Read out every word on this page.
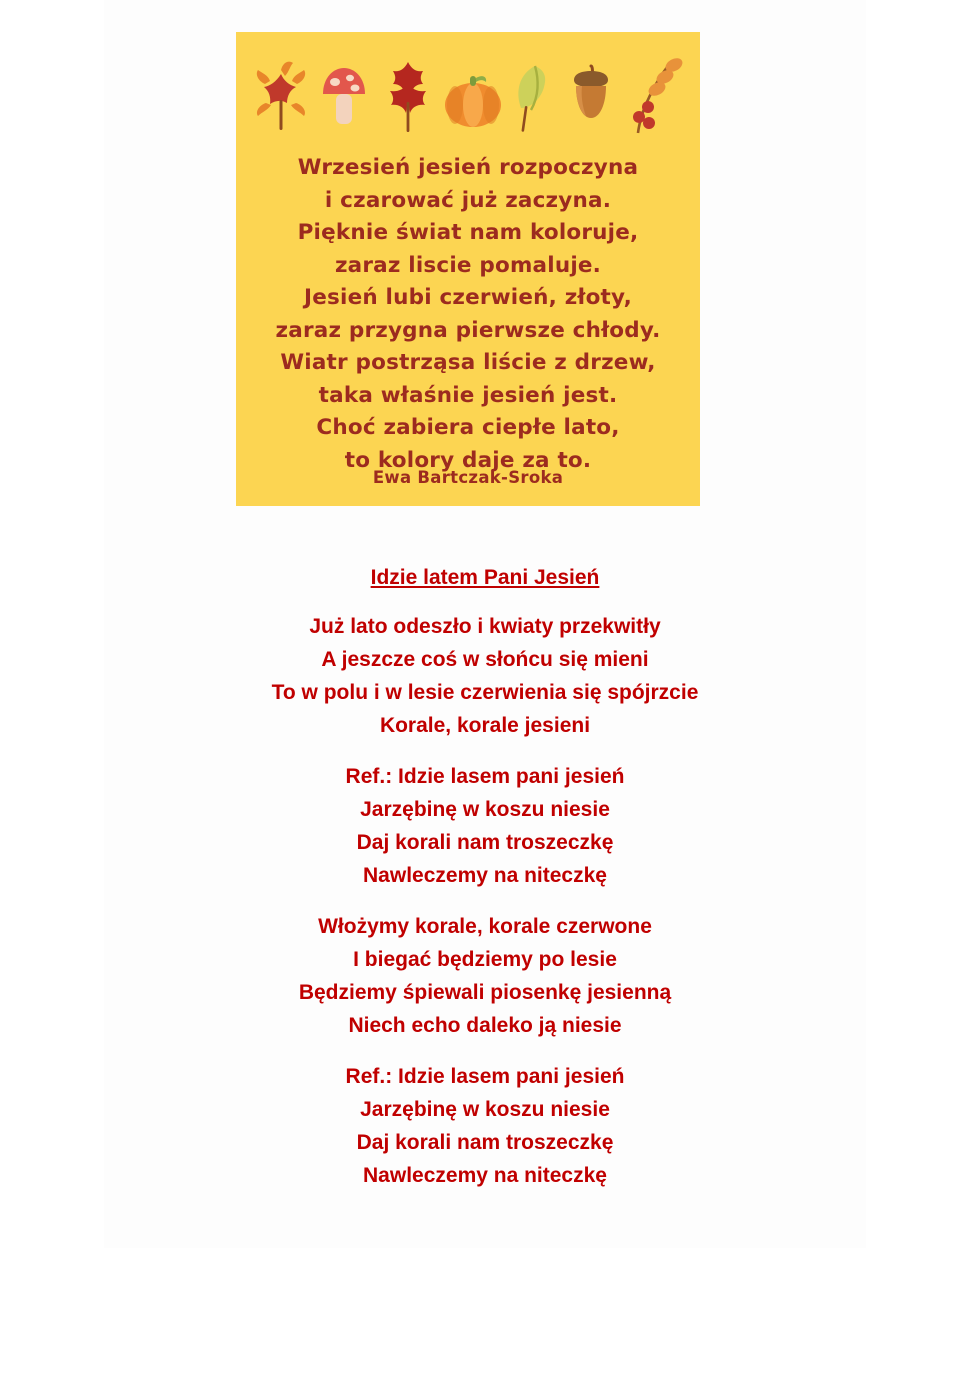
Wrzesień jesień rozpoczyna
i czarować już zaczyna.
Pięknie świat nam koloruje,
zaraz liscie pomaluje.
Jesień lubi czerwień, złoty,
zaraz przygna pierwsze chłody.
Wiatr postrząsa liście z drzew,
taka właśnie jesień jest.
Choć zabiera ciepłe lato,
to kolory daje za to.
Ewa Bartczak-Sroka
Idzie latem Pani Jesień
Już lato odeszło i kwiaty przekwitły
A jeszcze coś w słońcu się mieni
To w polu i w lesie czerwienia się spójrzcie
Korale, korale jesieni
Ref.: Idzie lasem pani jesień
Jarzębinę w koszu niesie
Daj korali nam troszeczkę
Nawleczemy na niteczkę
Włożymy korale, korale czerwone
I biegać będziemy po lesie
Będziemy śpiewali piosenkę jesienną
Niech echo daleko ją niesie
Ref.: Idzie lasem pani jesień
Jarzębinę w koszu niesie
Daj korali nam troszeczkę
Nawleczemy na niteczkę
